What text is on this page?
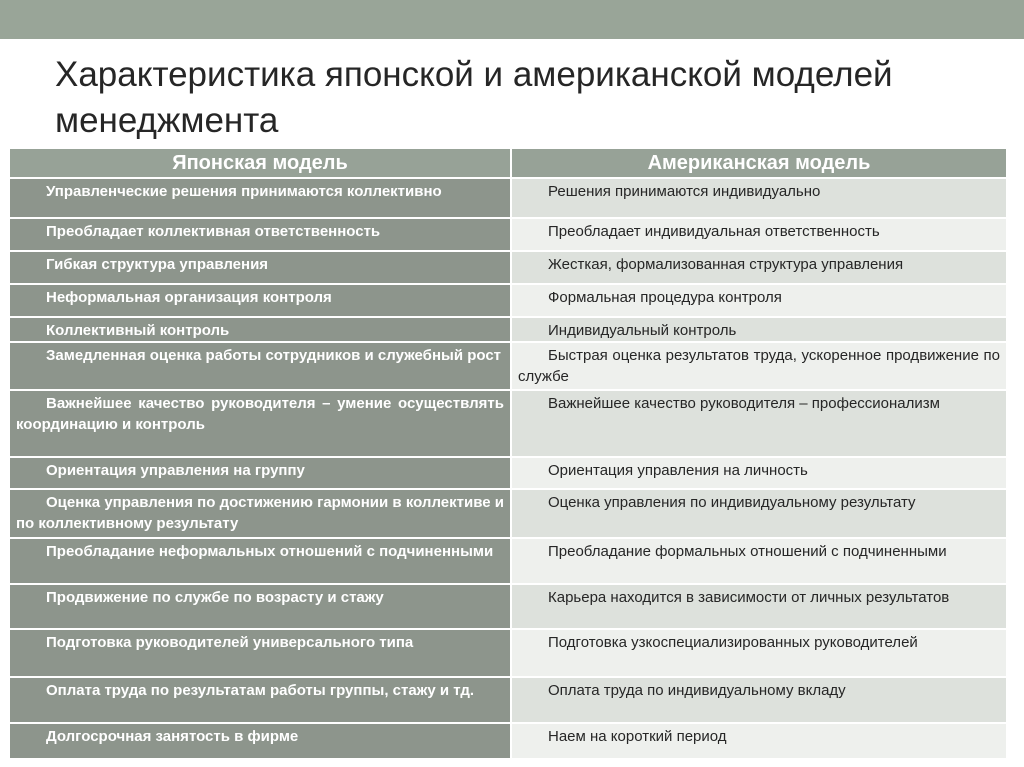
Характеристика японской и американской моделей менеджмента
Японская модель	Американская модель

Управленческие решения принимаются коллективно	Решения принимаются индивидуально

Преобладает коллективная ответственность	Преобладает индивидуальная ответственность

Гибкая структура управления	Жесткая, формализованная структура управления

Неформальная организация контроля	Формальная процедура контроля

Коллективный контроль	Индивидуальный контроль

Замедленная оценка работы сотрудников и служебный рост	Быстрая оценка результатов труда, ускоренное продвижение по службе

Важнейшее качество руководителя – умение осуществлять координацию и контроль	Важнейшее качество руководителя – профессионализм

Ориентация управления на группу	Ориентация управления на личность

Оценка управления по достижению гармонии в коллективе и по коллективному результату	Оценка управления по индивидуальному результату

Преобладание неформальных отношений с подчиненными	Преобладание формальных отношений с подчиненными

Продвижение по службе по возрасту и стажу	Карьера находится в зависимости от личных результатов

Подготовка руководителей универсального типа	Подготовка узкоспециализированных руководителей

Оплата труда по результатам работы группы, стажу и тд.	Оплата труда по индивидуальному вкладу

Долгосрочная занятость в фирме	Наем на короткий период
